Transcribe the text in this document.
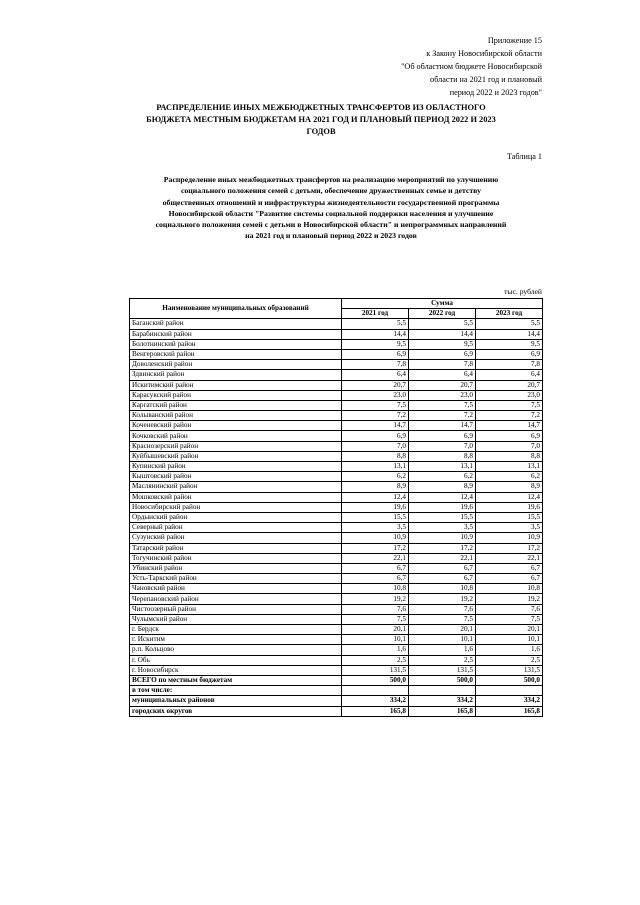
Приложение 15
к Закону Новосибирской области
"Об областном бюджете Новосибирской
области на 2021 год и плановый
период 2022 и 2023 годов"
РАСПРЕДЕЛЕНИЕ ИНЫХ МЕЖБЮДЖЕТНЫХ ТРАНСФЕРТОВ ИЗ ОБЛАСТНОГО
БЮДЖЕТА МЕСТНЫМ БЮДЖЕТАМ НА 2021 ГОД И ПЛАНОВЫЙ ПЕРИОД 2022 И 2023
ГОДОВ
Таблица 1
Распределение иных межбюджетных трансфертов на реализацию мероприятий по улучшению
социального положения семей с детьми, обеспечение дружественных семье и детству
общественных отношений и инфраструктуры жизнедеятельности государственной программы
Новосибирской области "Развитие системы социальной поддержки населения и улучшение
социального положения семей с детьми в Новосибирской области" и непрограммных направлений
на 2021 год и плановый период 2022 и 2023 годов
тыс. рублей
Наименование муниципальных образований	Сумма		
	2021 год	2022 год	2023 год
Баганский район	5,5	5,5	5,5
Барабинский район	14,4	14,4	14,4
Болотнинский район	9,5	9,5	9,5
Венгеровский район	6,9	6,9	6,9
Доволенский район	7,8	7,8	7,8
Здвинский район	6,4	6,4	6,4
Искитимский район	20,7	20,7	20,7
Карасукский район	23,0	23,0	23,0
Каргатский район	7,5	7,5	7,5
Колыванский район	7,2	7,2	7,2
Коченевский район	14,7	14,7	14,7
Кочковский район	6,9	6,9	6,9
Краснозерский район	7,0	7,0	7,0
Куйбышевский район	8,8	8,8	8,8
Купинский район	13,1	13,1	13,1
Кыштовский район	6,2	6,2	6,2
Маслянинский район	8,9	8,9	8,9
Мошковский район	12,4	12,4	12,4
Новосибирский район	19,6	19,6	19,6
Ордынский район	15,5	15,5	15,5
Северный район	3,5	3,5	3,5
Сузунский район	10,9	10,9	10,9
Татарский район	17,2	17,2	17,2
Тогучинский район	22,1	22,1	22,1
Убинский район	6,7	6,7	6,7
Усть-Таркский район	6,7	6,7	6,7
Чановский район	10,8	10,8	10,8
Черепановский район	19,2	19,2	19,2
Чистоозерный район	7,6	7,6	7,6
Чулымский район	7,5	7,5	7,5
г. Бердск	20,1	20,1	20,1
г. Искитим	10,1	10,1	10,1
р.п. Кольцово	1,6	1,6	1,6
г. Обь	2,5	2,5	2,5
г. Новосибирск	131,5	131,5	131,5
ВСЕГО по местным бюджетам	500,0	500,0	500,0
в том числе:			
муниципальных районов	334,2	334,2	334,2
городских округов	165,8	165,8	165,8
